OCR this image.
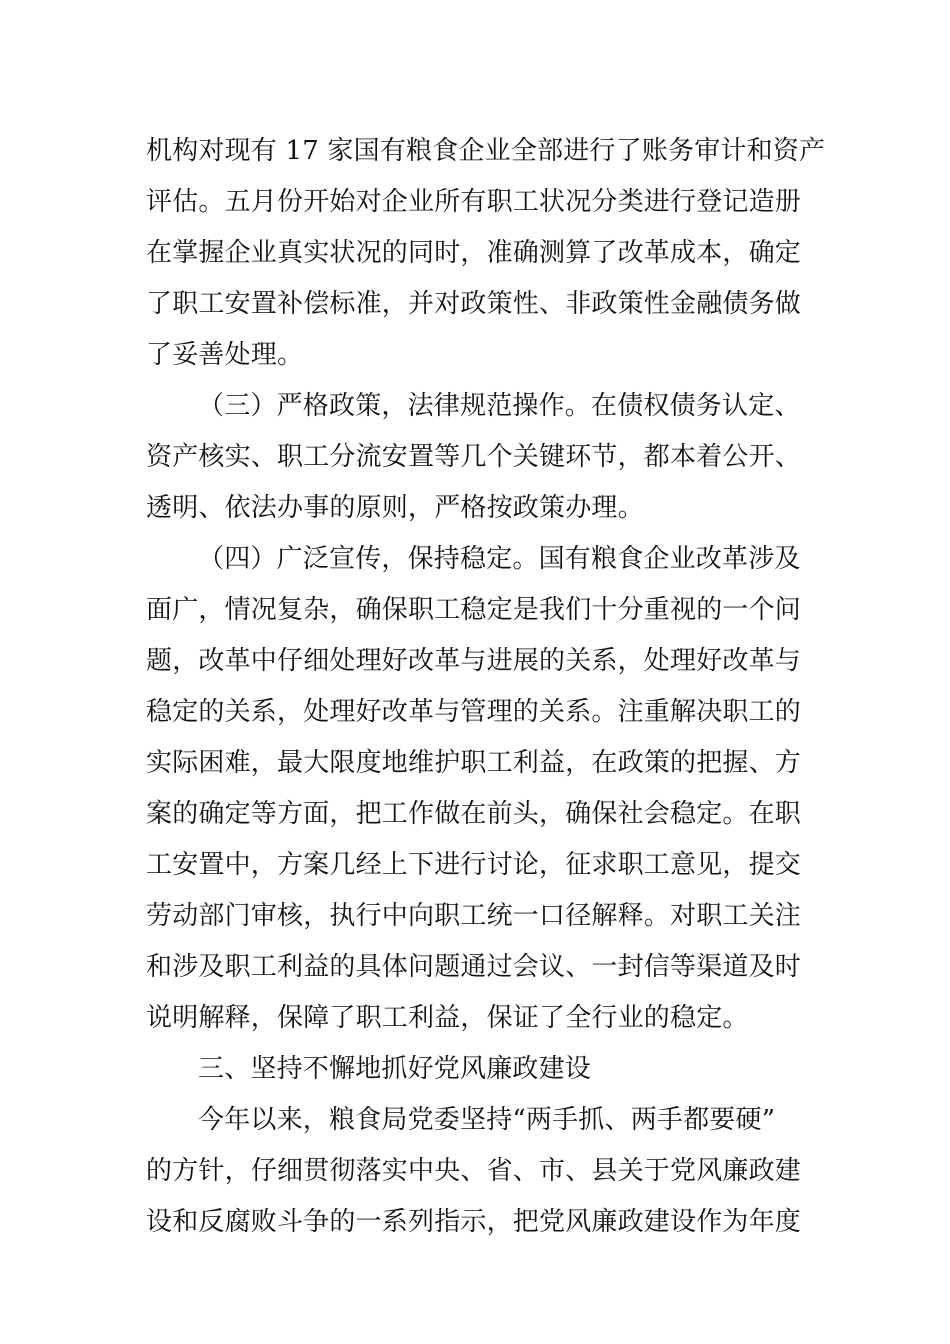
机构对现有 17 家国有粮食企业全部进行了账务审计和资产
评估。五月份开始对企业所有职工状况分类进行登记造册
在掌握企业真实状况的同时，准确测算了改革成本，确定
了职工安置补偿标准，并对政策性、非政策性金融债务做
了妥善处理。
（三）严格政策，法律规范操作。在债权债务认定、
资产核实、职工分流安置等几个关键环节，都本着公开、
透明、依法办事的原则，严格按政策办理。
（四）广泛宣传，保持稳定。国有粮食企业改革涉及
面广，情况复杂，确保职工稳定是我们十分重视的一个问
题，改革中仔细处理好改革与进展的关系，处理好改革与
稳定的关系，处理好改革与管理的关系。注重解决职工的
实际困难，最大限度地维护职工利益，在政策的把握、方
案的确定等方面，把工作做在前头，确保社会稳定。在职
工安置中，方案几经上下进行讨论，征求职工意见，提交
劳动部门审核，执行中向职工统一口径解释。对职工关注
和涉及职工利益的具体问题通过会议、一封信等渠道及时
说明解释，保障了职工利益，保证了全行业的稳定。
三、坚持不懈地抓好党风廉政建设
今年以来，粮食局党委坚持“两手抓、两手都要硬”
的方针，仔细贯彻落实中央、省、市、县关于党风廉政建
设和反腐败斗争的一系列指示，把党风廉政建设作为年度
